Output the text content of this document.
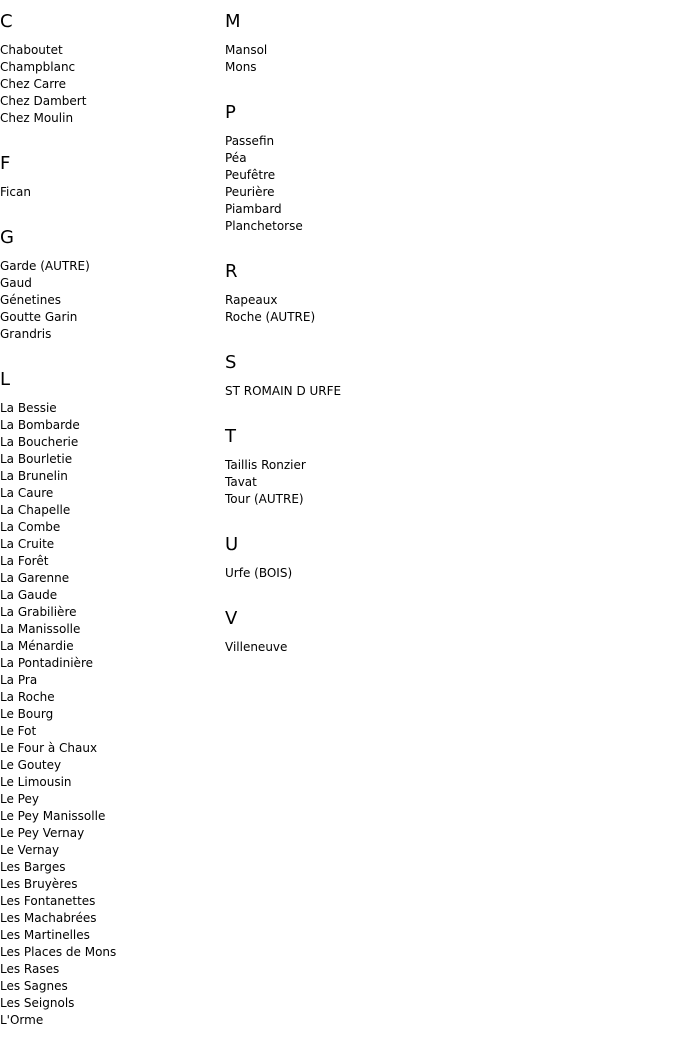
C
Chaboutet
Champblanc
Chez Carre
Chez Dambert
Chez Moulin
F
Fican
G
Garde (AUTRE)
Gaud
Génetines
Goutte Garin
Grandris
L
La Bessie
La Bombarde
La Boucherie
La Bourletie
La Brunelin
La Caure
La Chapelle
La Combe
La Cruite
La Forêt
La Garenne
La Gaude
La Grabilière
La Manissolle
La Ménardie
La Pontadinière
La Pra
La Roche
Le Bourg
Le Fot
Le Four à Chaux
Le Goutey
Le Limousin
Le Pey
Le Pey Manissolle
Le Pey Vernay
Le Vernay
Les Barges
Les Bruyères
Les Fontanettes
Les Machabrées
Les Martinelles
Les Places de Mons
Les Rases
Les Sagnes
Les Seignols
L'Orme
M
Mansol
Mons
P
Passefin
Péa
Peufêtre
Peurière
Piambard
Planchetorse
R
Rapeaux
Roche (AUTRE)
S
ST ROMAIN D URFE
T
Taillis Ronzier
Tavat
Tour (AUTRE)
U
Urfe (BOIS)
V
Villeneuve
